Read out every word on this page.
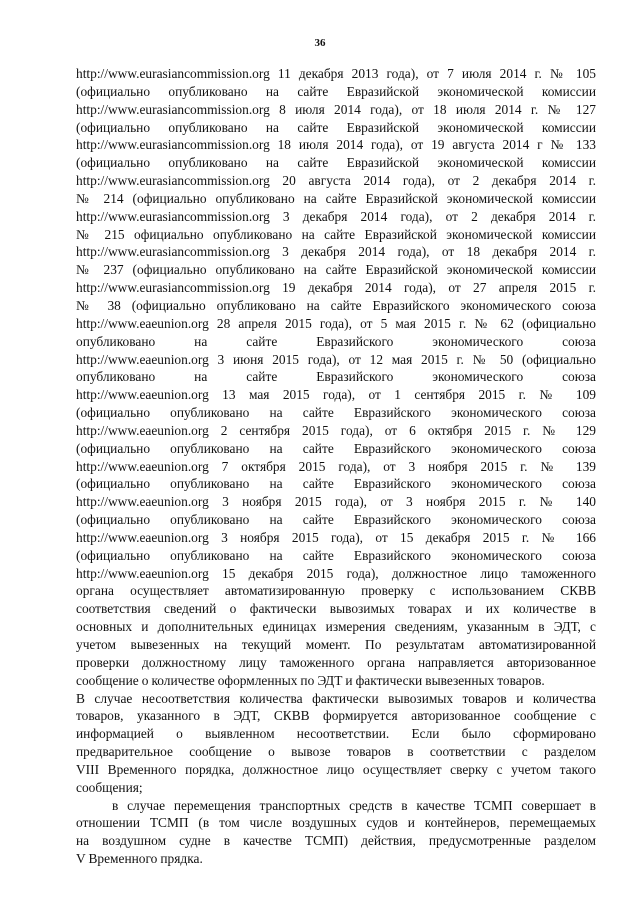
36
http://www.eurasiancommission.org 11 декабря 2013 года), от 7 июля 2014 г. № 105
(официально опубликовано на сайте Евразийской экономической комиссии
http://www.eurasiancommission.org 8 июля 2014 года), от 18 июля 2014 г. № 127
(официально опубликовано на сайте Евразийской экономической комиссии
http://www.eurasiancommission.org 18 июля 2014 года), от 19 августа 2014 г № 133
(официально опубликовано на сайте Евразийской экономической комиссии
http://www.eurasiancommission.org 20 августа 2014 года), от 2 декабря 2014 г.
№ 214 (официально опубликовано на сайте Евразийской экономической комиссии
http://www.eurasiancommission.org 3 декабря 2014 года), от 2 декабря 2014 г.
№ 215 официально опубликовано на сайте Евразийской экономической комиссии
http://www.eurasiancommission.org 3 декабря 2014 года), от 18 декабря 2014 г.
№ 237 (официально опубликовано на сайте Евразийской экономической комиссии
http://www.eurasiancommission.org 19 декабря 2014 года), от 27 апреля 2015 г.
№ 38 (официально опубликовано на сайте Евразийского экономического союза
http://www.eaeunion.org 28 апреля 2015 года), от 5 мая 2015 г. № 62 (официально
опубликовано на сайте Евразийского экономического союза
http://www.eaeunion.org 3 июня 2015 года), от 12 мая 2015 г. № 50 (официально
опубликовано на сайте Евразийского экономического союза
http://www.eaeunion.org 13 мая 2015 года), от 1 сентября 2015 г. № 109
(официально опубликовано на сайте Евразийского экономического союза
http://www.eaeunion.org 2 сентября 2015 года), от 6 октября 2015 г. № 129
(официально опубликовано на сайте Евразийского экономического союза
http://www.eaeunion.org 7 октября 2015 года), от 3 ноября 2015 г. № 139
(официально опубликовано на сайте Евразийского экономического союза
http://www.eaeunion.org 3 ноября 2015 года), от 3 ноября 2015 г. № 140
(официально опубликовано на сайте Евразийского экономического союза
http://www.eaeunion.org 3 ноября 2015 года), от 15 декабря 2015 г. № 166
(официально опубликовано на сайте Евразийского экономического союза
http://www.eaeunion.org 15 декабря 2015 года), должностное лицо таможенного
органа осуществляет автоматизированную проверку с использованием СКВВ
соответствия сведений о фактически вывозимых товарах и их количестве в
основных и дополнительных единицах измерения сведениям, указанным в ЭДТ, с
учетом вывезенных на текущий момент. По результатам автоматизированной
проверки должностному лицу таможенного органа направляется авторизованное
сообщение о количестве оформленных по ЭДТ и фактически вывезенных товаров.
В случае несоответствия количества фактически вывозимых товаров и количества
товаров, указанного в ЭДТ, СКВВ формируется авторизованное сообщение с
информацией о выявленном несоответствии. Если было сформировано
предварительное сообщение о вывозе товаров в соответствии с разделом
VIII Временного порядка, должностное лицо осуществляет сверку с учетом такого
сообщения;
в случае перемещения транспортных средств в качестве ТСМП совершает в
отношении ТСМП (в том числе воздушных судов и контейнеров, перемещаемых
на воздушном судне в качестве ТСМП) действия, предусмотренные разделом
V Временного прядка.
